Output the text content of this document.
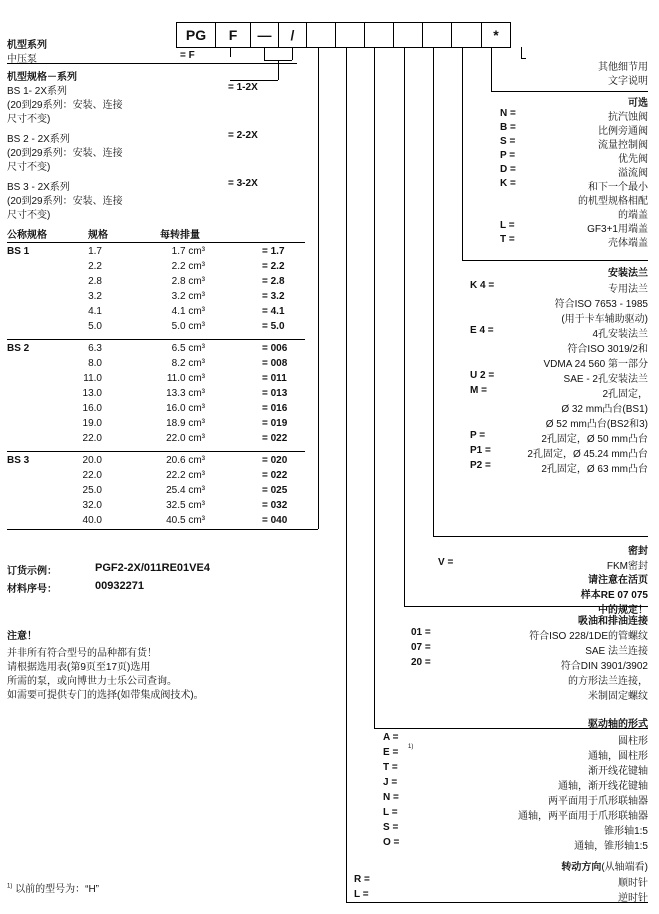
PG	F	—	/	*
机型系列
中压泵	= F
机型规格－系列
BS 1- 2X系列	= 1-2X
(20到29系列：安装、连接
尺寸不变)
BS 2 - 2X系列	= 2-2X
(20到29系列：安装、连接
尺寸不变)
BS 3 - 2X系列	= 3-2X
(20到29系列：安装、连接
尺寸不变)
公称规格	规格	每转排量
BS 1	1.7	1.7 cm³	= 1.7
2.2	2.2 cm³	= 2.2
2.8	2.8 cm³	= 2.8
3.2	3.2 cm³	= 3.2
4.1	4.1 cm³	= 4.1
5.0	5.0 cm³	= 5.0
BS 2	6.3	6.5 cm³	= 006
8.0	8.2 cm³	= 008
11.0	11.0 cm³	= 011
13.0	13.3 cm³	= 013
16.0	16.0 cm³	= 016
19.0	18.9 cm³	= 019
22.0	22.0 cm³	= 022
BS 3	20.0	20.6 cm³	= 020
22.0	22.2 cm³	= 022
25.0	25.4 cm³	= 025
32.0	32.5 cm³	= 032
40.0	40.5 cm³	= 040
订货示例：	PGF2-2X/011RE01VE4
材料序号：	00932271
注意！
并非所有符合型号的品种都有货！
请根据选用表(第9页至17页)选用
所需的泵，或向博世力士乐公司查询。
如需要可提供专门的选择(如带集成阀技术)。
$^{1)}$ 以前的型号为：“H”
其他细节用
文字说明
可选
N =	抗汽蚀阀
B =	比例旁通阀
S =	流量控制阀
P =	优先阀
D =	溢流阀
K =	和下一个最小
的机型规格相配
的端盖
L =	GF3+1用端盖
T =	壳体端盖
安装法兰
K 4 =	专用法兰
符合ISO 7653 - 1985
(用于卡车辅助驱动)
E 4 =	4孔安装法兰
符合ISO 3019/2和
VDMA 24 560 第一部分
U 2 =	SAE - 2孔安装法兰
M =	2孔固定，
Ø 32 mm凸台(BS1)
Ø 52 mm凸台(BS2和3)
P =	2孔固定，Ø 50 mm凸台
P1 =	2孔固定，Ø 45.24 mm凸台
P2 =	2孔固定，Ø 63 mm凸台
密封
V =	FKM密封
请注意在活页
样本RE 07 075
中的规定！
吸油和排油连接
01 =	符合ISO 228/1DE的管螺纹
07 =	SAE 法兰连接
20 =	符合DIN 3901/3902
的方形法兰连接，
米制固定螺纹
驱动轴的形式
A =	圆柱形
E = 1)
通轴，圆柱形
T =	渐开线花键轴
J =	通轴，渐开线花键轴
N =	两平面用于爪形联轴器
L =	通轴，两平面用于爪形联轴器
S =	锥形轴1:5
O =	通轴，锥形轴1:5
转动方向(从轴端看)
R =	顺时针
L =	逆时针
